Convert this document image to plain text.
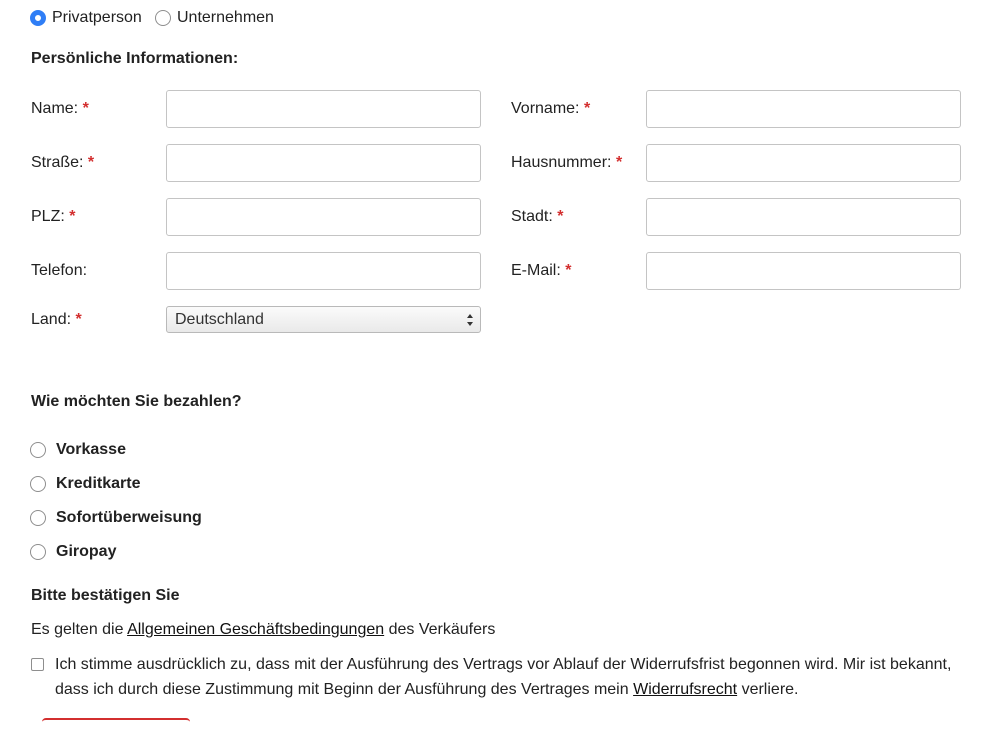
Privatperson Unternehmen
Persönliche Informationen:
Name: *	Vorname: *
Straße: *	Hausnummer: *
PLZ: *	Stadt: *
Telefon:	E-Mail: *
Land: *	Deutschland
Wie möchten Sie bezahlen?
Vorkasse
Kreditkarte
Sofortüberweisung
Giropay
Bitte bestätigen Sie
Es gelten die Allgemeinen Geschäftsbedingungen des Verkäufers
Ich stimme ausdrücklich zu, dass mit der Ausführung des Vertrags vor Ablauf der Widerrufsfrist begonnen wird. Mir ist bekannt, dass ich durch diese Zustimmung mit Beginn der Ausführung des Vertrages mein Widerrufsrecht verliere.
